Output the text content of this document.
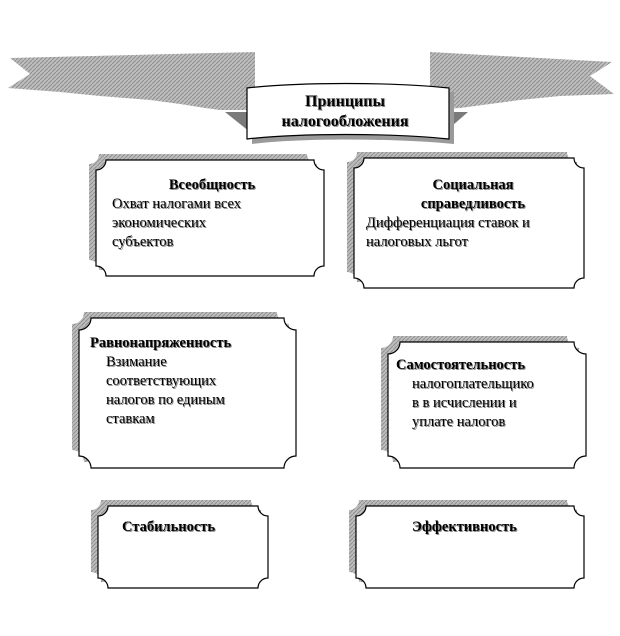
Принципы
налогообложения
Всеобщность
Охват налогами всех
экономических
субъектов
Социальная
справедливость
Дифференциация ставок и
налоговых льгот
Равнонапряженность
Взимание
соответствующих
налогов по единым
ставкам
Самостоятельность
налогоплательщико
в в исчислении и
уплате налогов
Стабильность	Эффективность
